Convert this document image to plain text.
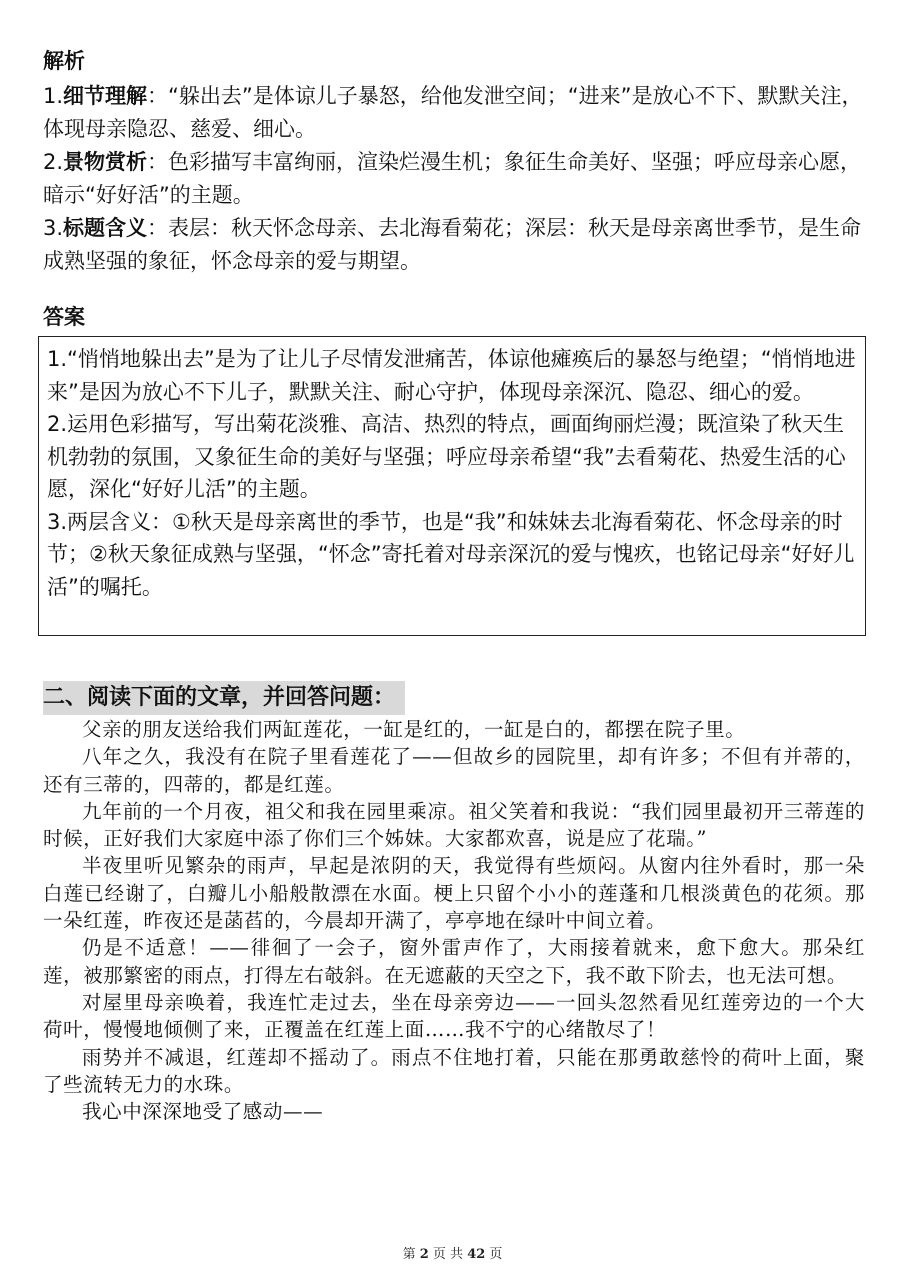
解析

1.细节理解：“躲出去”是体谅儿子暴怒，给他发泄空间；“进来”是放心不下、默默关注，体现母亲隐忍、慈爱、细心。

2.景物赏析：色彩描写丰富绚丽，渲染烂漫生机；象征生命美好、坚强；呼应母亲心愿，暗示“好好活”的主题。

3.标题含义：表层：秋天怀念母亲、去北海看菊花；深层：秋天是母亲离世季节，是生命成熟坚强的象征，怀念母亲的爱与期望。

答案

1.“悄悄地躲出去”是为了让儿子尽情发泄痛苦，体谅他瘫痪后的暴怒与绝望；“悄悄地进来”是因为放心不下儿子，默默关注、耐心守护，体现母亲深沉、隐忍、细心的爱。

2.运用色彩描写，写出菊花淡雅、高洁、热烈的特点，画面绚丽烂漫；既渲染了秋天生机勃勃的氛围，又象征生命的美好与坚强；呼应母亲希望“我”去看菊花、热爱生活的心愿，深化“好好儿活”的主题。

3.两层含义：①秋天是母亲离世的季节，也是“我”和妹妹去北海看菊花、怀念母亲的时节；②秋天象征成熟与坚强，“怀念”寄托着对母亲深沉的爱与愧疚，也铭记母亲“好好儿活”的嘱托。

二、阅读下面的文章，并回答问题：

父亲的朋友送给我们两缸莲花，一缸是红的，一缸是白的，都摆在院子里。

八年之久，我没有在院子里看莲花了——但故乡的园院里，却有许多；不但有并蒂的，还有三蒂的，四蒂的，都是红莲。

九年前的一个月夜，祖父和我在园里乘凉。祖父笑着和我说：“我们园里最初开三蒂莲的时候，正好我们大家庭中添了你们三个姊妹。大家都欢喜，说是应了花瑞。”

半夜里听见繁杂的雨声，早起是浓阴的天，我觉得有些烦闷。从窗内往外看时，那一朵白莲已经谢了，白瓣儿小船般散漂在水面。梗上只留个小小的莲蓬和几根淡黄色的花须。那一朵红莲，昨夜还是菡萏的，今晨却开满了，亭亭地在绿叶中间立着。

仍是不适意！——徘徊了一会子，窗外雷声作了，大雨接着就来，愈下愈大。那朵红莲，被那繁密的雨点，打得左右攲斜。在无遮蔽的天空之下，我不敢下阶去，也无法可想。

对屋里母亲唤着，我连忙走过去，坐在母亲旁边——一回头忽然看见红莲旁边的一个大荷叶，慢慢地倾侧了来，正覆盖在红莲上面……我不宁的心绪散尽了！

雨势并不减退，红莲却不摇动了。雨点不住地打着，只能在那勇敢慈怜的荷叶上面，聚了些流转无力的水珠。

我心中深深地受了感动——

第 2 页 共 42 页
